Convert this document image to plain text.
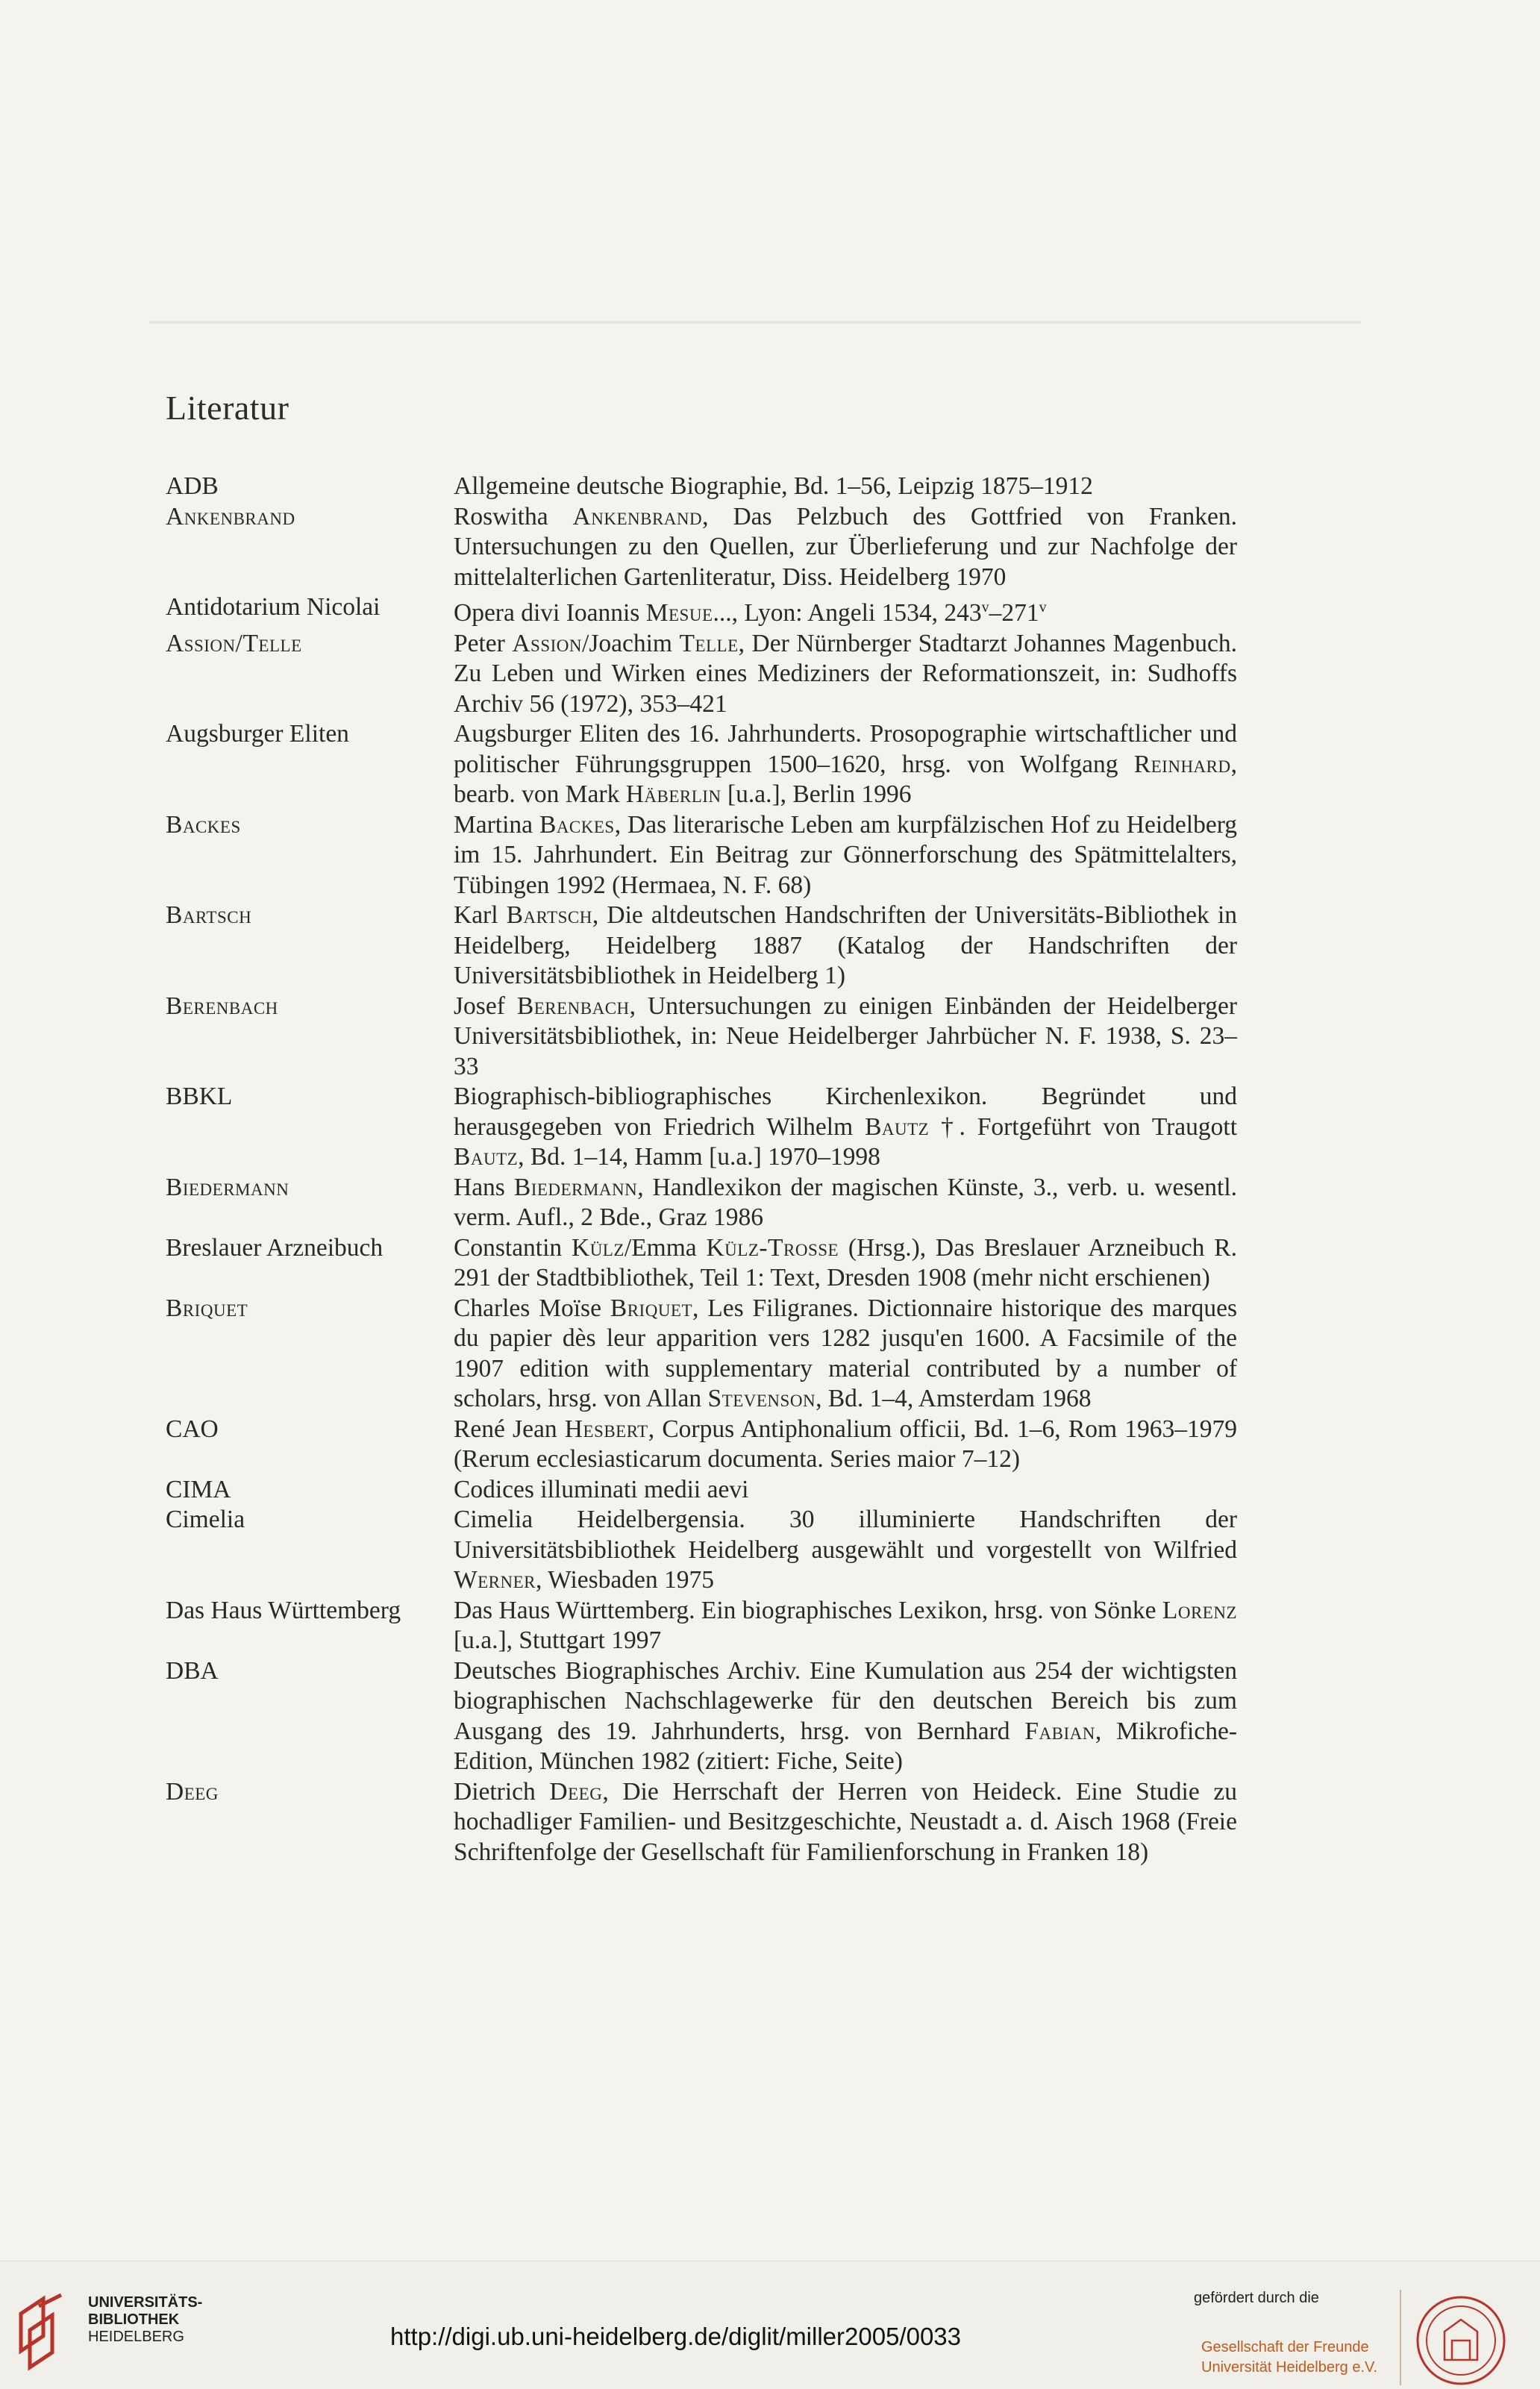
Literatur
ADB	Allgemeine deutsche Biographie, Bd. 1–56, Leipzig 1875–1912
Ankenbrand	Roswitha Ankenbrand, Das Pelzbuch des Gottfried von Franken. Untersuchungen zu den Quellen, zur Überlieferung und zur Nachfolge der mittelalterlichen Gartenliteratur, Diss. Heidelberg 1970
Antidotarium Nicolai	Opera divi Ioannis Mesue..., Lyon: Angeli 1534, 243$^v$–271$^v$
Assion/Telle	Peter Assion/Joachim Telle, Der Nürnberger Stadtarzt Johannes Magenbuch. Zu Leben und Wirken eines Mediziners der Reformationszeit, in: Sudhoffs Archiv 56 (1972), 353–421
Augsburger Eliten	Augsburger Eliten des 16. Jahrhunderts. Prosopographie wirtschaftlicher und politischer Führungsgruppen 1500–1620, hrsg. von Wolfgang Reinhard, bearb. von Mark Häberlin [u.a.], Berlin 1996
Backes	Martina Backes, Das literarische Leben am kurpfälzischen Hof zu Heidelberg im 15. Jahrhundert. Ein Beitrag zur Gönnerforschung des Spätmittelalters, Tübingen 1992 (Hermaea, N. F. 68)
Bartsch	Karl Bartsch, Die altdeutschen Handschriften der Universitäts-Bibliothek in Heidelberg, Heidelberg 1887 (Katalog der Handschriften der Universitätsbibliothek in Heidelberg 1)
Berenbach	Josef Berenbach, Untersuchungen zu einigen Einbänden der Heidelberger Universitätsbibliothek, in: Neue Heidelberger Jahrbücher N. F. 1938, S. 23–33
BBKL	Biographisch-bibliographisches Kirchenlexikon. Begründet und herausgegeben von Friedrich Wilhelm Bautz †. Fortgeführt von Traugott Bautz, Bd. 1–14, Hamm [u.a.] 1970–1998
Biedermann	Hans Biedermann, Handlexikon der magischen Künste, 3., verb. u. wesentl. verm. Aufl., 2 Bde., Graz 1986
Breslauer Arzneibuch	Constantin Külz/Emma Külz-Trosse (Hrsg.), Das Breslauer Arzneibuch R. 291 der Stadtbibliothek, Teil 1: Text, Dresden 1908 (mehr nicht erschienen)
Briquet	Charles Moïse Briquet, Les Filigranes. Dictionnaire historique des marques du papier dès leur apparition vers 1282 jusqu'en 1600. A Facsimile of the 1907 edition with supplementary material contributed by a number of scholars, hrsg. von Allan Stevenson, Bd. 1–4, Amsterdam 1968
CAO	René Jean Hesbert, Corpus Antiphonalium officii, Bd. 1–6, Rom 1963–1979 (Rerum ecclesiasticarum documenta. Series maior 7–12)
CIMA	Codices illuminati medii aevi
Cimelia	Cimelia Heidelbergensia. 30 illuminierte Handschriften der Universitätsbibliothek Heidelberg ausgewählt und vorgestellt von Wilfried Werner, Wiesbaden 1975
Das Haus Württemberg	Das Haus Württemberg. Ein biographisches Lexikon, hrsg. von Sönke Lorenz [u.a.], Stuttgart 1997
DBA	Deutsches Biographisches Archiv. Eine Kumulation aus 254 der wichtigsten biographischen Nachschlagewerke für den deutschen Bereich bis zum Ausgang des 19. Jahrhunderts, hrsg. von Bernhard Fabian, Mikrofiche-Edition, München 1982 (zitiert: Fiche, Seite)
Deeg	Dietrich Deeg, Die Herrschaft der Herren von Heideck. Eine Studie zu hochadliger Familien- und Besitzgeschichte, Neustadt a. d. Aisch 1968 (Freie Schriftenfolge der Gesellschaft für Familienforschung in Franken 18)
UNIVERSITÄTS-
BIBLIOTHEK
HEIDELBERG	http://digi.ub.uni-heidelberg.de/diglit/miller2005/0033
gefördert durch die
Gesellschaft der Freunde
Universität Heidelberg e.V.
